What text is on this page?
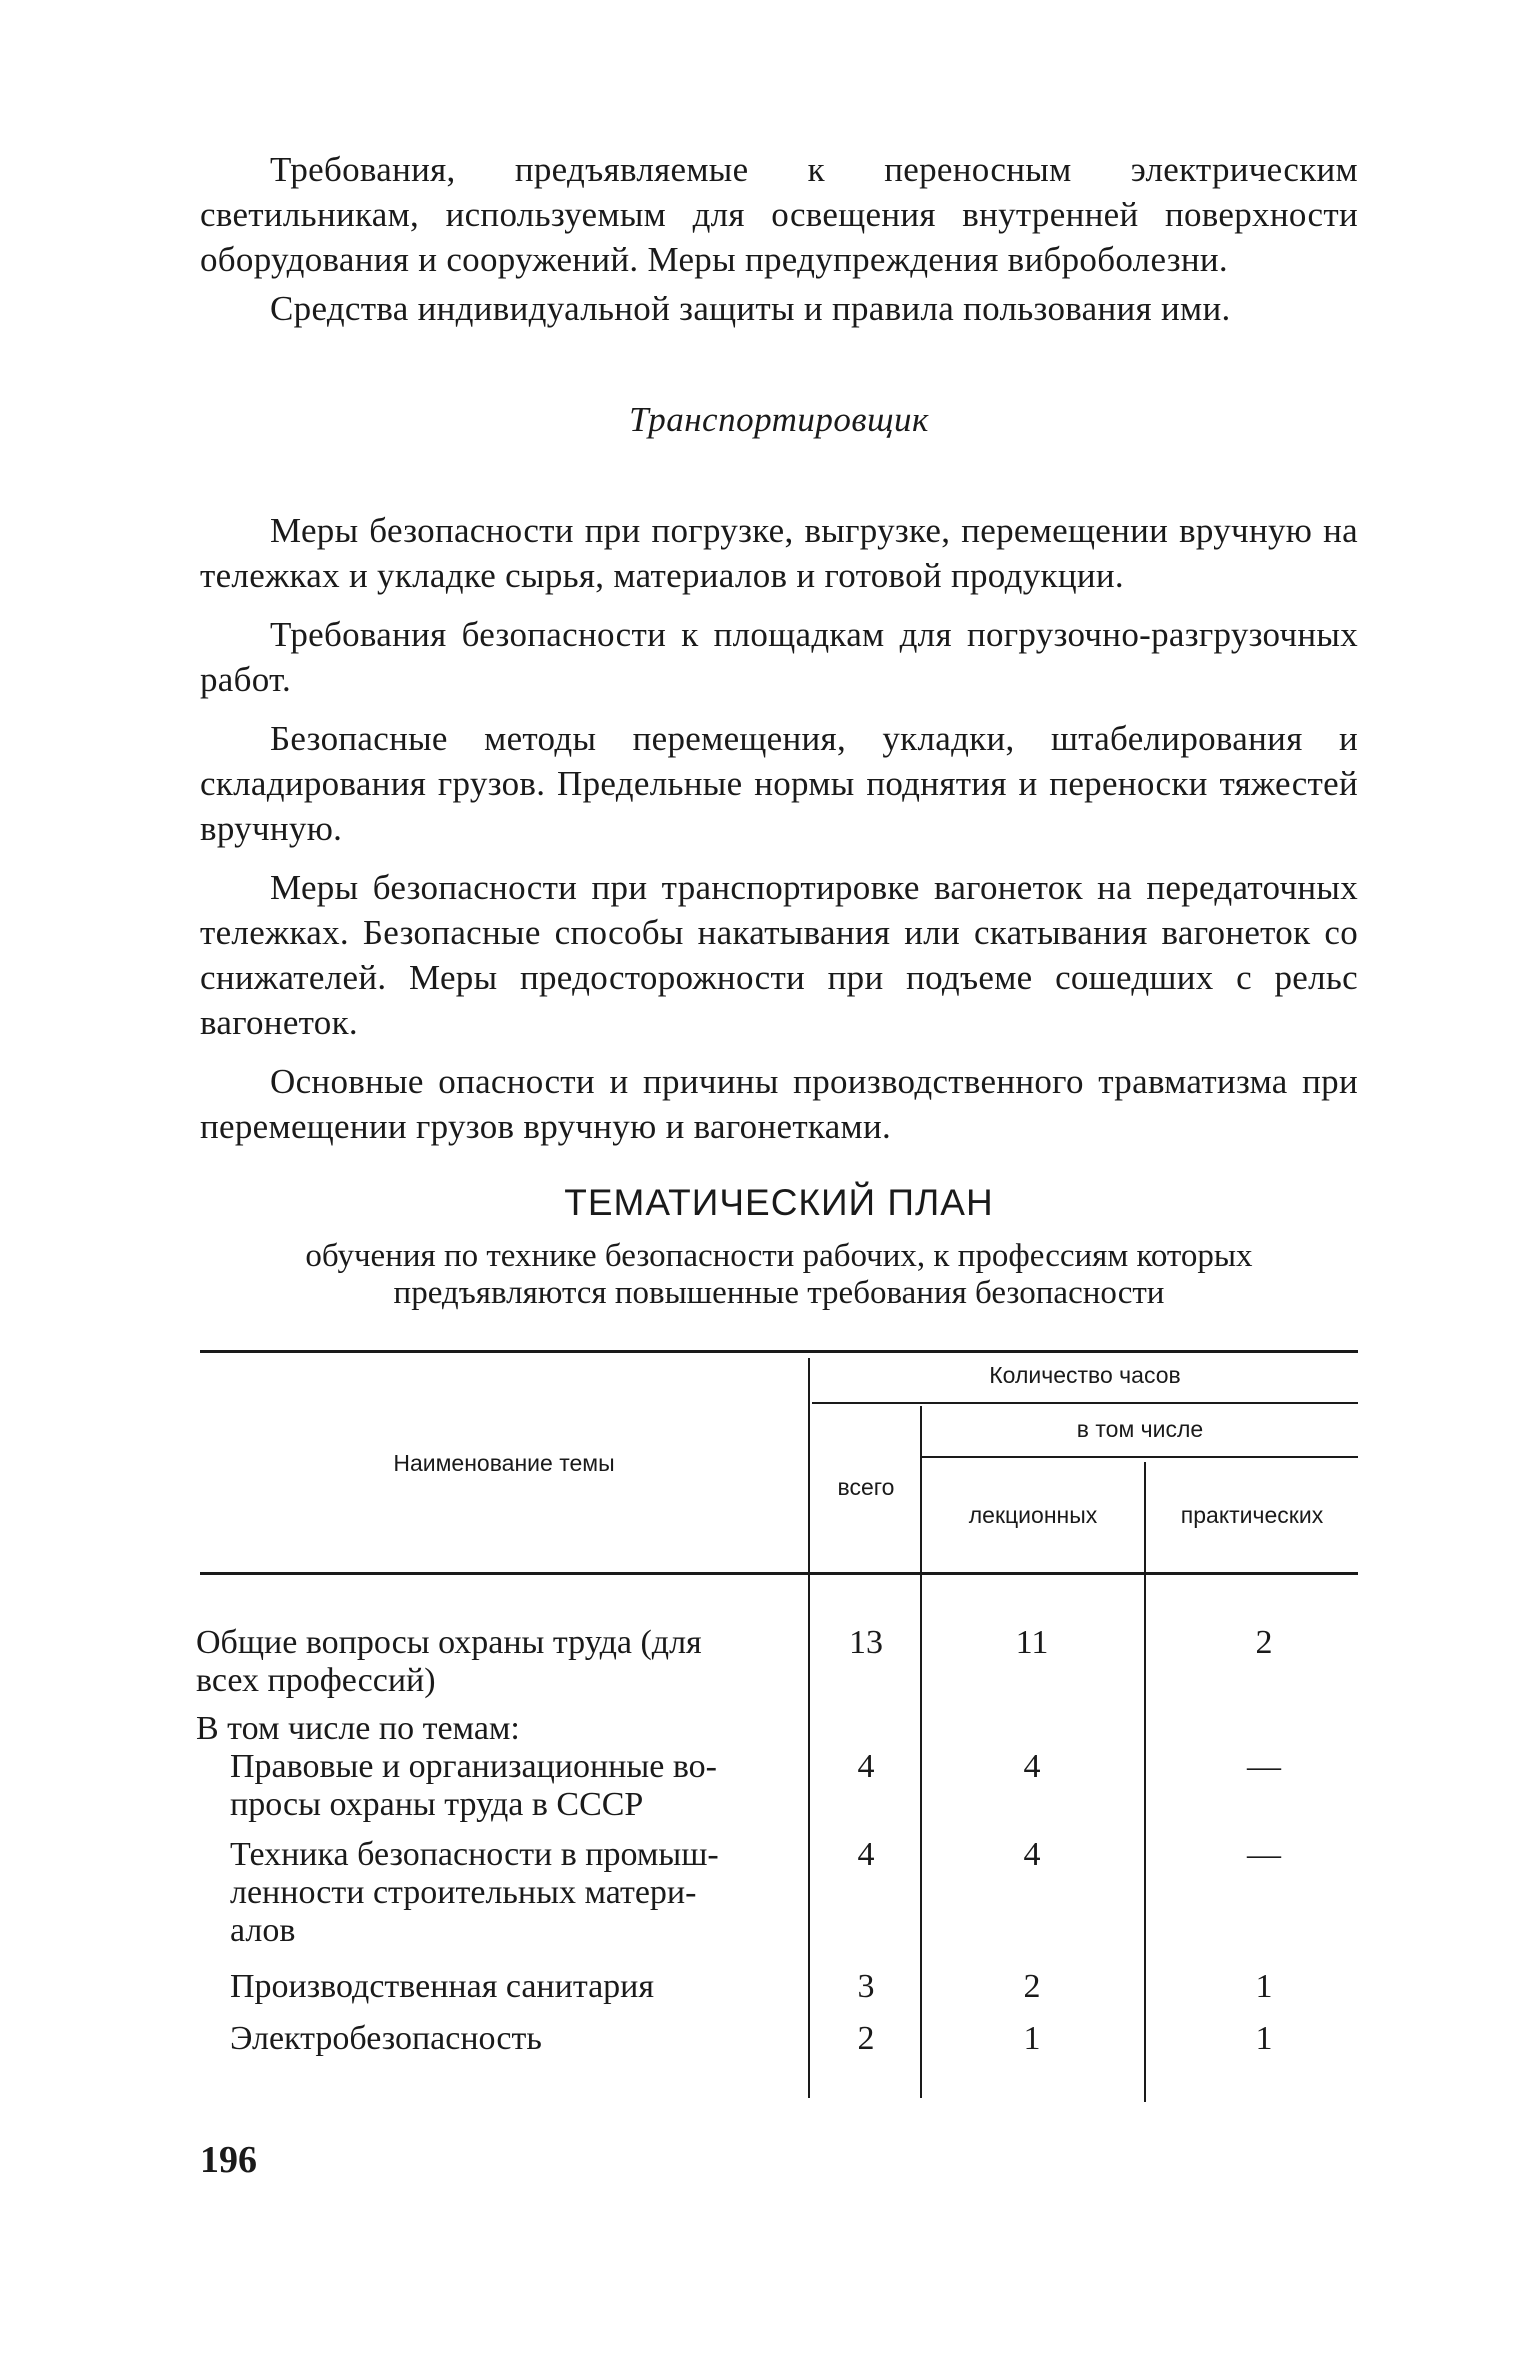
Требования, предъявляемые к переносным электрическим светильникам, используемым для освещения внутренней поверхности оборудования и сооружений. Меры предупреждения виброболезни.

Средства индивидуальной защиты и правила пользования ими.

Транспортировщик

Меры безопасности при погрузке, выгрузке, перемещении вручную на тележках и укладке сырья, материалов и готовой продукции.

Требования безопасности к площадкам для погрузочно-разгрузочных работ.

Безопасные методы перемещения, укладки, штабелирования и складирования грузов. Предельные нормы поднятия и переноски тяжестей вручную.

Меры безопасности при транспортировке вагонеток на передаточных тележках. Безопасные способы накатывания или скатывания вагонеток со снижателей. Меры предосторожности при подъеме сошедших с рельс вагонеток.

Основные опасности и причины производственного травматизма при перемещении грузов вручную и вагонетками.

ТЕМАТИЧЕСКИЙ ПЛАН
обучения по технике безопасности рабочих, к профессиям которых
предъявляются повышенные требования безопасности
Наименование темы
Количество часов
в том числе
всего
лекционных	практических
Общие вопросы охраны труда (для
всех профессий)
13	11	2
В том числе по темам:
Правовые и организационные во-
просы охраны труда в СССР
4	4	—
Техника безопасности в промыш-
ленности строительных матери-
алов
4	4	—
Производственная санитария	3	2	1
Электробезопасность	2	1	1
196
